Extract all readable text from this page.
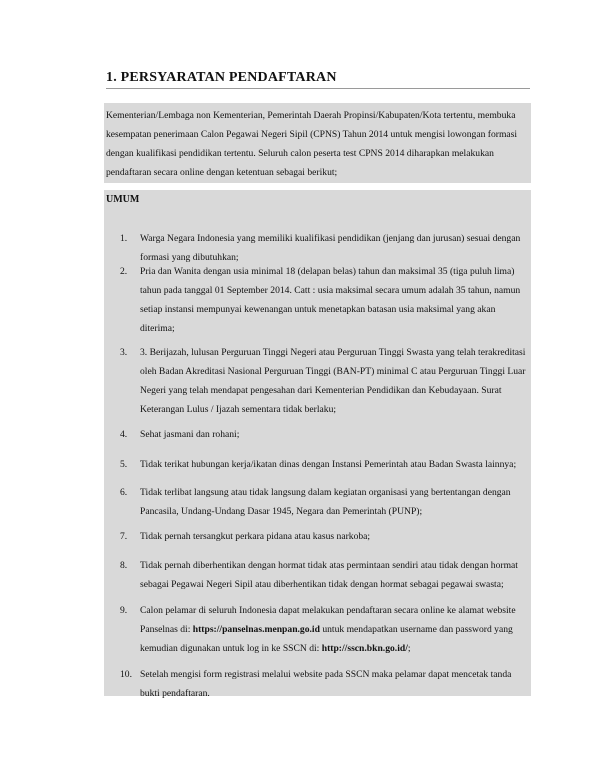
1. PERSYARATAN PENDAFTARAN
Kementerian/Lembaga non Kementerian, Pemerintah Daerah Propinsi/Kabupaten/Kota tertentu, membuka kesempatan penerimaan Calon Pegawai Negeri Sipil (CPNS) Tahun 2014 untuk mengisi lowongan formasi dengan kualifikasi pendidikan tertentu. Seluruh calon peserta test CPNS 2014 diharapkan melakukan pendaftaran secara online dengan ketentuan sebagai berikut;
UMUM
1.	Warga Negara Indonesia yang memiliki kualifikasi pendidikan (jenjang dan jurusan) sesuai dengan formasi yang dibutuhkan;
2.	Pria dan Wanita dengan usia minimal 18 (delapan belas) tahun dan maksimal 35 (tiga puluh lima) tahun pada tanggal 01 September 2014. Catt : usia maksimal secara umum adalah 35 tahun, namun setiap instansi mempunyai kewenangan untuk menetapkan batasan usia maksimal yang akan diterima;
3.	3. Berijazah, lulusan Perguruan Tinggi Negeri atau Perguruan Tinggi Swasta yang telah terakreditasi oleh Badan Akreditasi Nasional Perguruan Tinggi (BAN-PT) minimal C atau Perguruan Tinggi Luar Negeri yang telah mendapat pengesahan dari Kementerian Pendidikan dan Kebudayaan. Surat Keterangan Lulus / Ijazah sementara tidak berlaku;
4.	Sehat jasmani dan rohani;
5.	Tidak terikat hubungan kerja/ikatan dinas dengan Instansi Pemerintah atau Badan Swasta lainnya;
6.	Tidak terlibat langsung atau tidak langsung dalam kegiatan organisasi yang bertentangan dengan Pancasila, Undang-Undang Dasar 1945, Negara dan Pemerintah (PUNP);
7.	Tidak pernah tersangkut perkara pidana atau kasus narkoba;
8.	Tidak pernah diberhentikan dengan hormat tidak atas permintaan sendiri atau tidak dengan hormat sebagai Pegawai Negeri Sipil atau diberhentikan tidak dengan hormat sebagai pegawai swasta;
9.	Calon pelamar di seluruh Indonesia dapat melakukan pendaftaran secara online ke alamat website Panselnas di: https://panselnas.menpan.go.id untuk mendapatkan username dan password yang kemudian digunakan untuk log in ke SSCN di: http://sscn.bkn.go.id/;
10. Setelah mengisi form registrasi melalui website pada SSCN maka pelamar dapat mencetak tanda bukti pendaftaran.
